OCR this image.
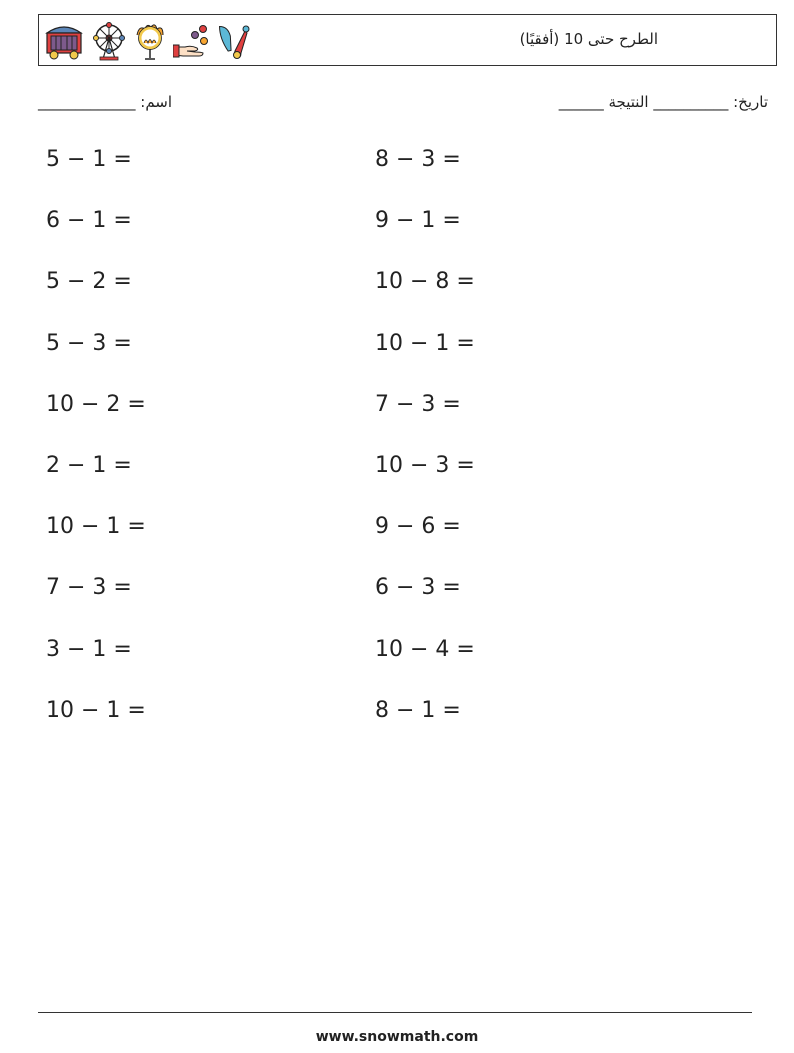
الطرح حتى 10 (أفقيًا)
اسم: _____________	تاريخ: __________ النتيجة ______
5 − 1 =	8 − 3 =
6 − 1 =	9 − 1 =
5 − 2 =	10 − 8 =
5 − 3 =	10 − 1 =
10 − 2 =	7 − 3 =
2 − 1 =	10 − 3 =
10 − 1 =	9 − 6 =
7 − 3 =	6 − 3 =
3 − 1 =	10 − 4 =
10 − 1 =	8 − 1 =
www.snowmath.com
